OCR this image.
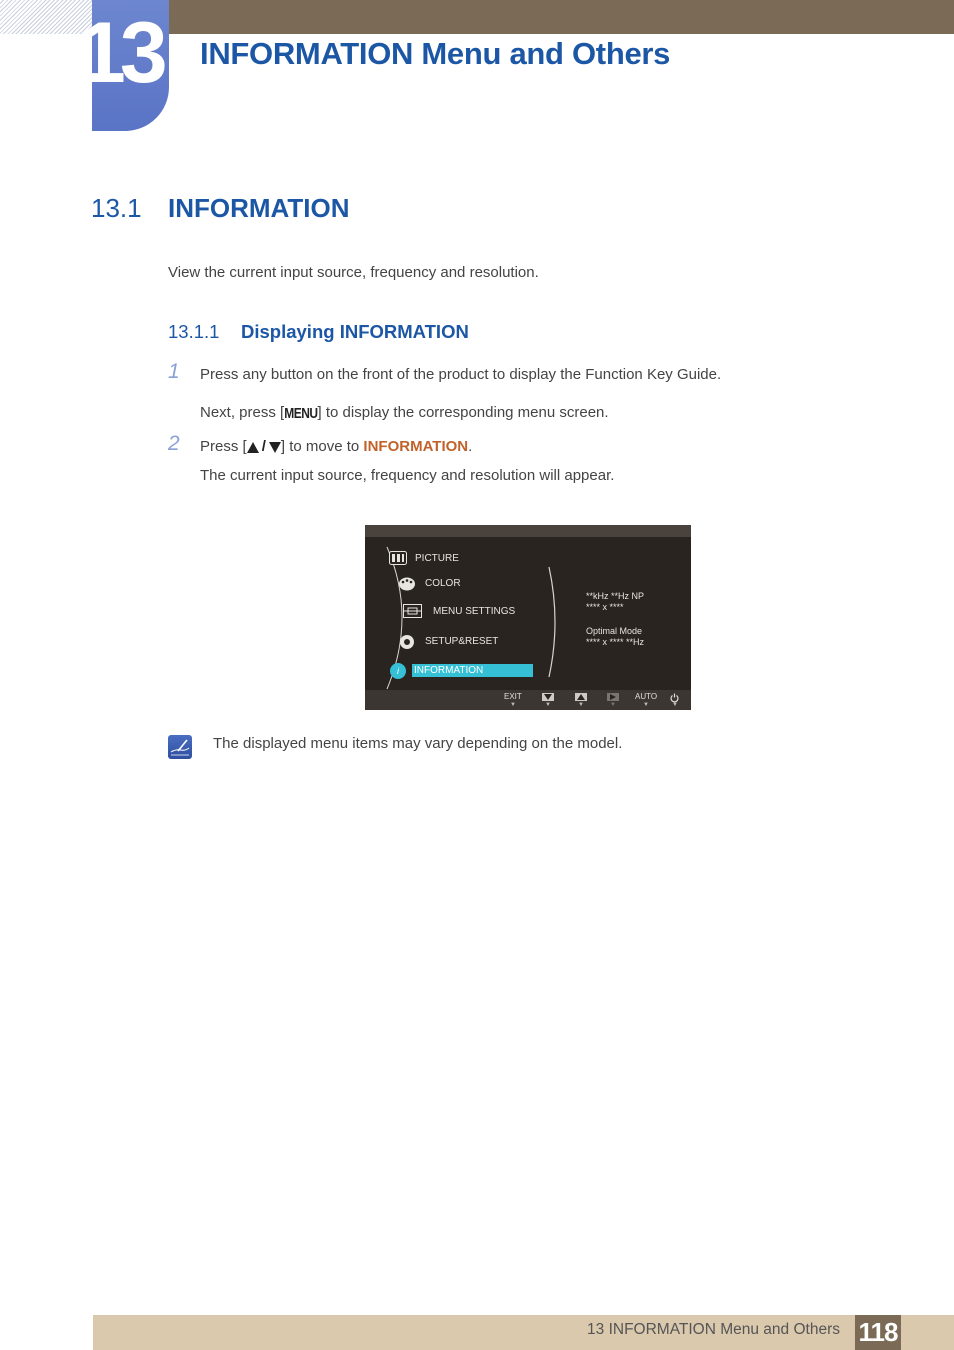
13 INFORMATION Menu and Others
13.1 INFORMATION
View the current input source, frequency and resolution.
13.1.1 Displaying INFORMATION
1 Press any button on the front of the product to display the Function Key Guide.
Next, press [MENU] to display the corresponding menu screen.
2 Press [ / ] to move to INFORMATION.
The current input source, frequency and resolution will appear.
PICTURE
COLOR
MENU SETTINGS
SETUP&RESET
i	INFORMATION
**kHz **Hz NP
**** x ****
Optimal Mode
**** x **** **Hz
EXIT
▼	▼	▼	▼
AUTO
▼	▼
The displayed menu items may vary depending on the model.
13 INFORMATION Menu and Others 118
